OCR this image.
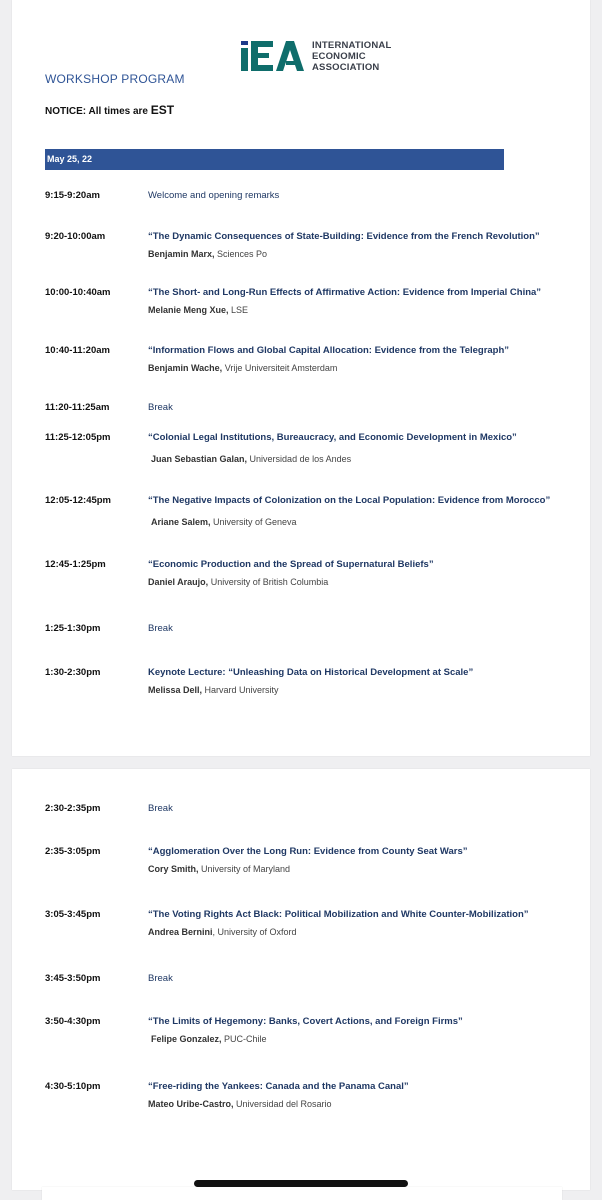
INTERNATIONAL
ECONOMIC
ASSOCIATION
WORKSHOP PROGRAM
NOTICE: All times are EST
May 25, 22
9:15-9:20am	Welcome and opening remarks
9:20-10:00am	“The Dynamic Consequences of State-Building: Evidence from the French Revolution”
Benjamin Marx, Sciences Po
10:00-10:40am	“The Short- and Long-Run Effects of Affirmative Action: Evidence from Imperial China”
Melanie Meng Xue, LSE
10:40-11:20am	“Information Flows and Global Capital Allocation: Evidence from the Telegraph”
Benjamin Wache, Vrije Universiteit Amsterdam
11:20-11:25am	Break
11:25-12:05pm	“Colonial Legal Institutions, Bureaucracy, and Economic Development in Mexico”
Juan Sebastian Galan, Universidad de los Andes
12:05-12:45pm	“The Negative Impacts of Colonization on the Local Population: Evidence from Morocco”
Ariane Salem, University of Geneva
12:45-1:25pm	“Economic Production and the Spread of Supernatural Beliefs”
Daniel Araujo, University of British Columbia
1:25-1:30pm	Break
1:30-2:30pm	Keynote Lecture: “Unleashing Data on Historical Development at Scale”
Melissa Dell, Harvard University
2:30-2:35pm	Break
2:35-3:05pm	“Agglomeration Over the Long Run: Evidence from County Seat Wars”
Cory Smith, University of Maryland
3:05-3:45pm	“The Voting Rights Act Black: Political Mobilization and White Counter-Mobilization”
Andrea Bernini, University of Oxford
3:45-3:50pm	Break
3:50-4:30pm	“The Limits of Hegemony: Banks, Covert Actions, and Foreign Firms”
Felipe Gonzalez, PUC-Chile
4:30-5:10pm	“Free-riding the Yankees: Canada and the Panama Canal”
Mateo Uribe-Castro, Universidad del Rosario
